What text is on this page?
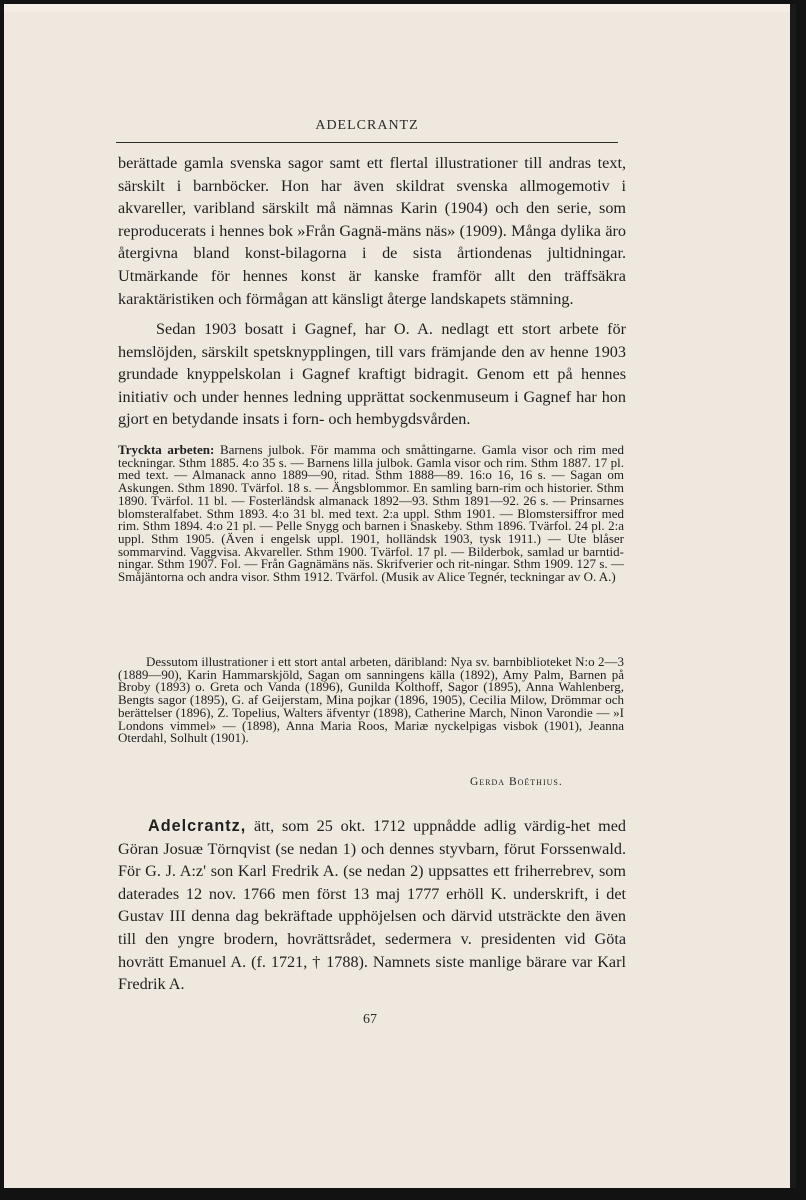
ADELCRANTZ
berättade gamla svenska sagor samt ett flertal illustrationer till andras text, särskilt i barnböcker. Hon har även skildrat svenska allmogemotiv i akvareller, varibland särskilt må nämnas Karin (1904) och den serie, som reproducerats i hennes bok »Från Gagnä-mäns näs» (1909). Många dylika äro återgivna bland konst-bilagorna i de sista årtiondenas jultidningar. Utmärkande för hennes konst är kanske framför allt den träffsäkra karaktäristiken och förmågan att känsligt återge landskapets stämning.
Sedan 1903 bosatt i Gagnef, har O. A. nedlagt ett stort arbete för hemslöjden, särskilt spetsknypplingen, till vars främjande den av henne 1903 grundade knyppelskolan i Gagnef kraftigt bidragit. Genom ett på hennes initiativ och under hennes ledning upprättat sockenmuseum i Gagnef har hon gjort en betydande insats i forn- och hembygdsvården.
Tryckta arbeten: Barnens julbok. För mamma och småttingarne. Gamla visor och rim med teckningar. Sthm 1885. 4:o 35 s. — Barnens lilla julbok. Gamla visor och rim. Sthm 1887. 17 pl. med text. — Almanack anno 1889—90, ritad. Sthm 1888—89. 16:o 16, 16 s. — Sagan om Askungen. Sthm 1890. Tvärfol. 18 s. — Ängsblommor. En samling barn-rim och historier. Sthm 1890. Tvärfol. 11 bl. — Fosterländsk almanack 1892—93. Sthm 1891—92. 26 s. — Prinsarnes blomsteralfabet. Sthm 1893. 4:o 31 bl. med text. 2:a uppl. Sthm 1901. — Blomstersiffror med rim. Sthm 1894. 4:o 21 pl. — Pelle Snygg och barnen i Snaskeby. Sthm 1896. Tvärfol. 24 pl. 2:a uppl. Sthm 1905. (Även i engelsk uppl. 1901, holländsk 1903, tysk 1911.) — Ute blåser sommarvind. Vaggvisa. Akvareller. Sthm 1900. Tvärfol. 17 pl. — Bilderbok, samlad ur barntid-ningar. Sthm 1907. Fol. — Från Gagnämäns näs. Skrifverier och rit-ningar. Sthm 1909. 127 s. — Småjäntorna och andra visor. Sthm 1912. Tvärfol. (Musik av Alice Tegnér, teckningar av O. A.)
Dessutom illustrationer i ett stort antal arbeten, däribland: Nya sv. barnbiblioteket N:o 2—3 (1889—90), Karin Hammarskjöld, Sagan om sanningens källa (1892), Amy Palm, Barnen på Broby (1893) o. Greta och Vanda (1896), Gunilda Kolthoff, Sagor (1895), Anna Wahlenberg, Bengts sagor (1895), G. af Geijerstam, Mina pojkar (1896, 1905), Cecilia Milow, Drömmar och berättelser (1896), Z. Topelius, Walters äfventyr (1898), Catherine March, Ninon Varondie — »I Londons vimmel» — (1898), Anna Maria Roos, Mariæ nyckelpigas visbok (1901), Jeanna Oterdahl, Solhult (1901).
Gerda Boëthius.
Adelcrantz, ätt, som 25 okt. 1712 uppnådde adlig värdig-het med Göran Josuæ Törnqvist (se nedan 1) och dennes styvbarn, förut Forssenwald. För G. J. A:z' son Karl Fredrik A. (se nedan 2) uppsattes ett friherrebrev, som daterades 12 nov. 1766 men först 13 maj 1777 erhöll K. underskrift, i det Gustav III denna dag bekräftade upphöjelsen och därvid utsträckte den även till den yngre brodern, hovrättsrådet, sedermera v. presidenten vid Göta hovrätt Emanuel A. (f. 1721, † 1788). Namnets siste manlige bärare var Karl Fredrik A.
67
